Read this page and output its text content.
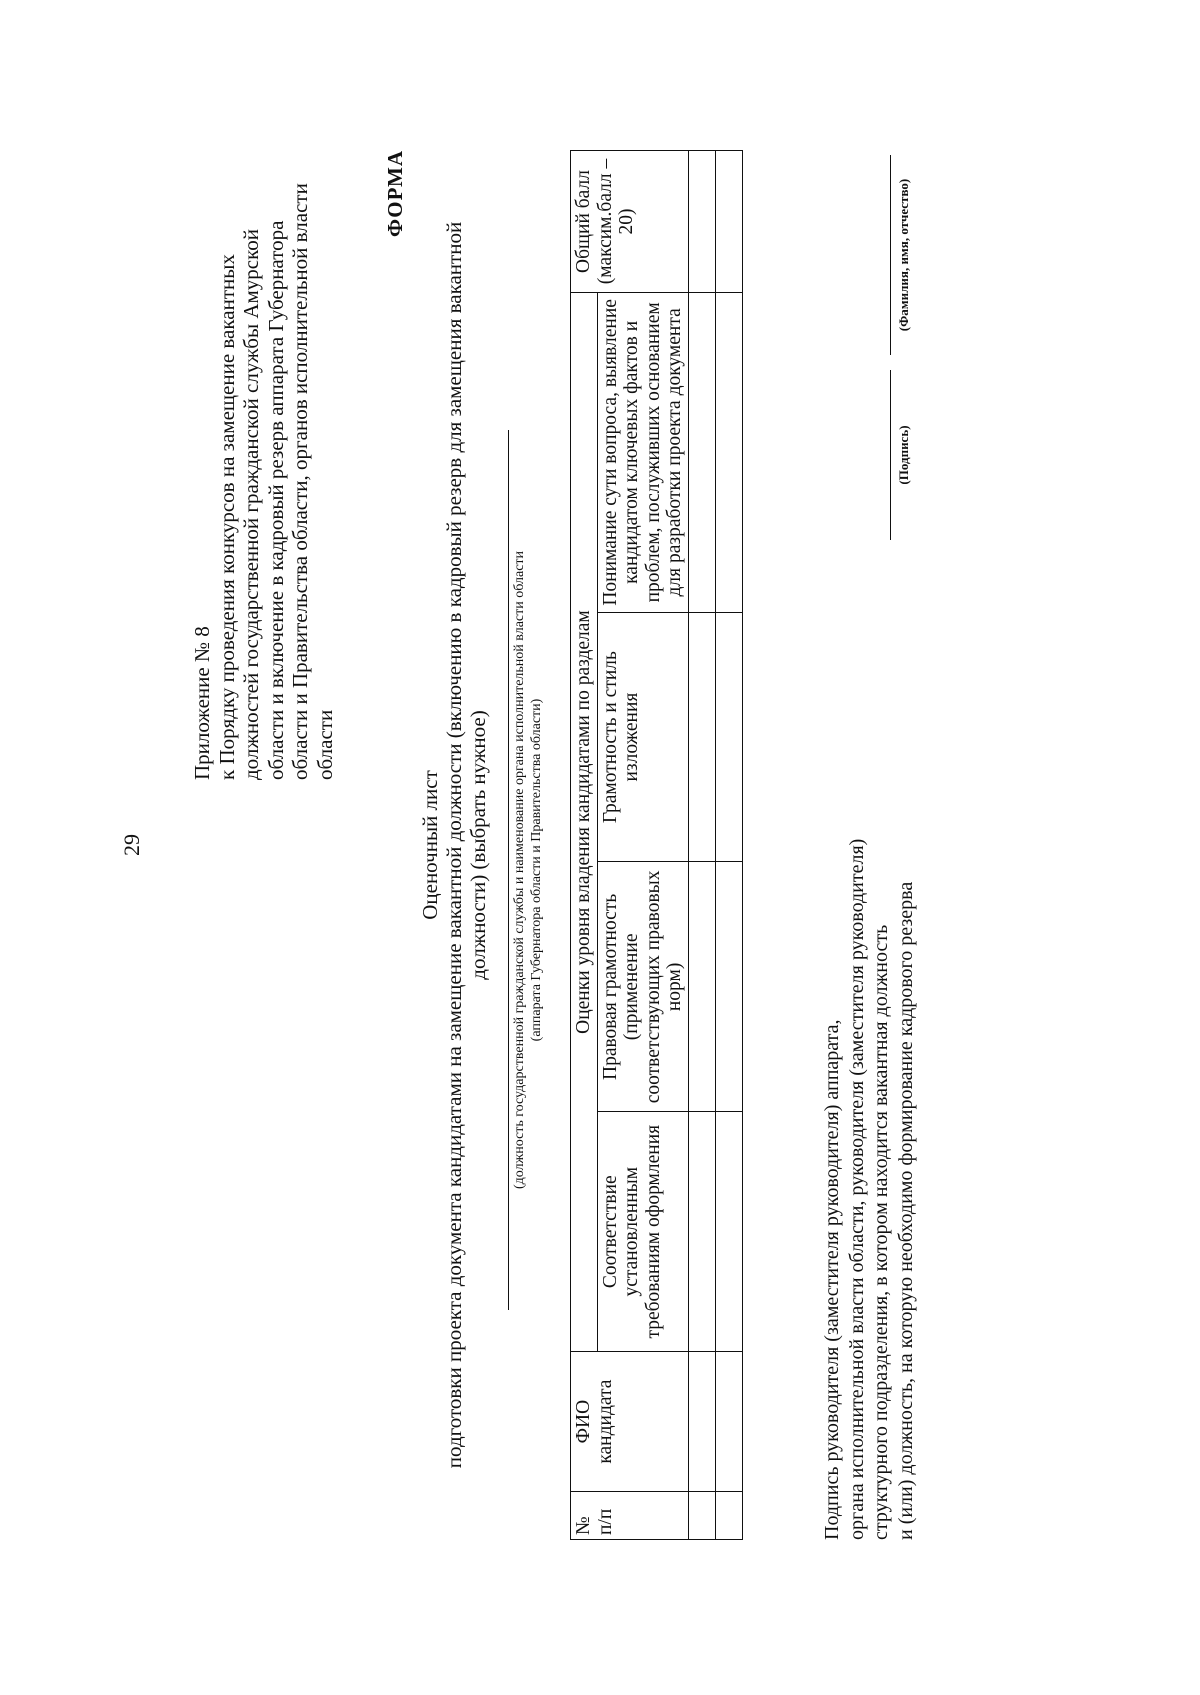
29
Приложение № 8 к Порядку проведения конкурсов на замещение вакантных должностей государственной гражданской службы Амурской области и включение в кадровый резерв аппарата Губернатора области и Правительства области, органов исполнительной власти области
ФОРМА
Оценочный лист подготовки проекта документа кандидатами на замещение вакантной должности (включению в кадровый резерв для замещения вакантной должности) (выбрать нужное) (должность государственной гражданской службы и наименование органа исполнительной власти области (аппарата Губернатора области и Правительства области)
№ п/п	ФИО кандидата	Оценки уровня владения кандидатами по разделам				Общий балл (максим.балл – 20)
		Соответствие установленным требованиям оформления	Правовая грамотность (применение соответствующих правовых норм)	Грамотность и стиль изложения	Понимание сути вопроса, выявление кандидатом ключевых фактов и проблем, послуживших основанием для разработки проекта документа	

Подпись руководителя (заместителя руководителя) аппарата, органа исполнительной власти области, руководителя (заместителя руководителя) структурного подразделения, в котором находится вакантная должность и (или) должность, на которую необходимо формирование кадрового резерва
(Подпись)
(Фамилия, имя, отчество)
